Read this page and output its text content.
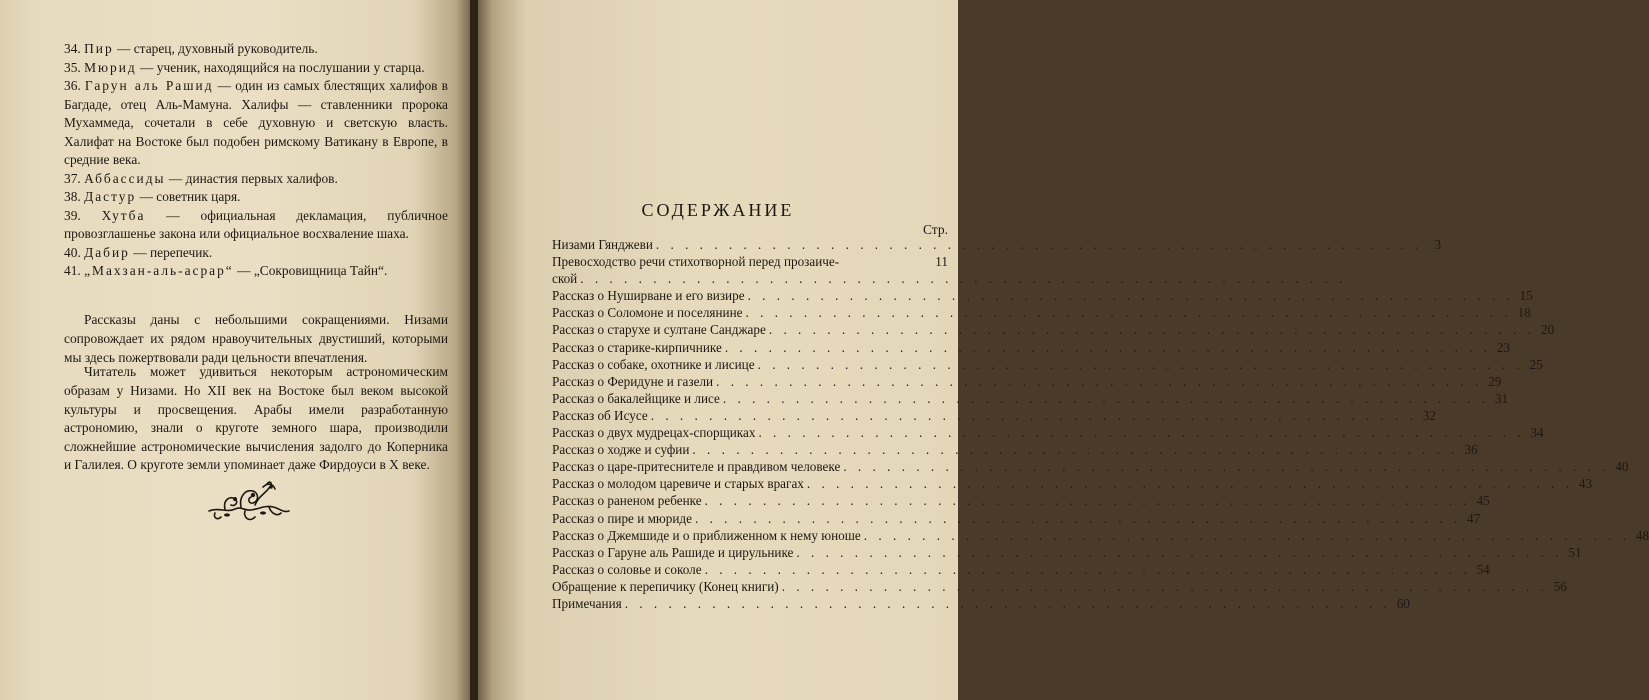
34. Пир — старец, духовный руководитель.

35. Мюрид — ученик, находящийся на послушании у старца.

36. Гарун аль Рашид — один из самых блестящих халифов в Багдаде, отец Аль-Мамуна. Халифы — ставленники пророка Мухаммеда, сочетали в себе духовную и светскую власть. Халифат на Востоке был подобен римскому Ватикану в Европе, в средние века.

37. Аббассиды — династия первых халифов.

38. Дастур — советник царя.

39. Хутба — официальная декламация, публичное провозглашенье закона или официальное восхваление шаха.

40. Дабир — перепечик.

41. „Махзан-аль-асрар“ — „Сокровищница Тайн“.

Рассказы даны с небольшими сокращениями. Низами сопровождает их рядом нравоучительных двустиший, которыми мы здесь пожертвовали ради цельности впечатления.

Читатель может удивиться некоторым астрономическим образам у Низами. Но XII век на Востоке был веком высокой культуры и просвещения. Арабы имели разработанную астрономию, знали о круготе земного шара, производили сложнейшие астрономические вычисления задолго до Коперника и Галилея. О круготе земли упоминает даже Фирдоуси в X веке.

СОДЕРЖАНИЕ
Стр.
Низами Гянджеви . . .	3
Превосходство речи стихотворной перед прозаиче-	11
ской
. . .
Рассказ о Нуширване и его визире . . .	15
Рассказ о Соломоне и поселянине . . .	18
Рассказ о старухе и султане Санджаре . . .	20
Рассказ о старике-кирпичнике . . .	23
Рассказ о собаке, охотнике и лисице . . .	25
Рассказ о Феридуне и газели . . .	29
Рассказ о бакалейщике и лисе . . .	31
Рассказ об Исусе . . .	32
Рассказ о двух мудрецах-спорщиках . . .	34
Рассказ о ходже и суфии . . .	36
Рассказ о царе-притеснителе и правдивом человеке . . .	40
Рассказ о молодом царевиче и старых врагах . . .	43
Рассказ о раненом ребенке . . .	45
Рассказ о пире и мюриде . . .	47
Рассказ о Джемшиде и о приближенном к нему юноше . . .	48
Рассказ о Гаруне аль Рашиде и цирульнике . . .	51
Рассказ о соловье и соколе . . .	54
Обращение к перепичику (Конец книги) . . .	56
Примечания . . .	60
